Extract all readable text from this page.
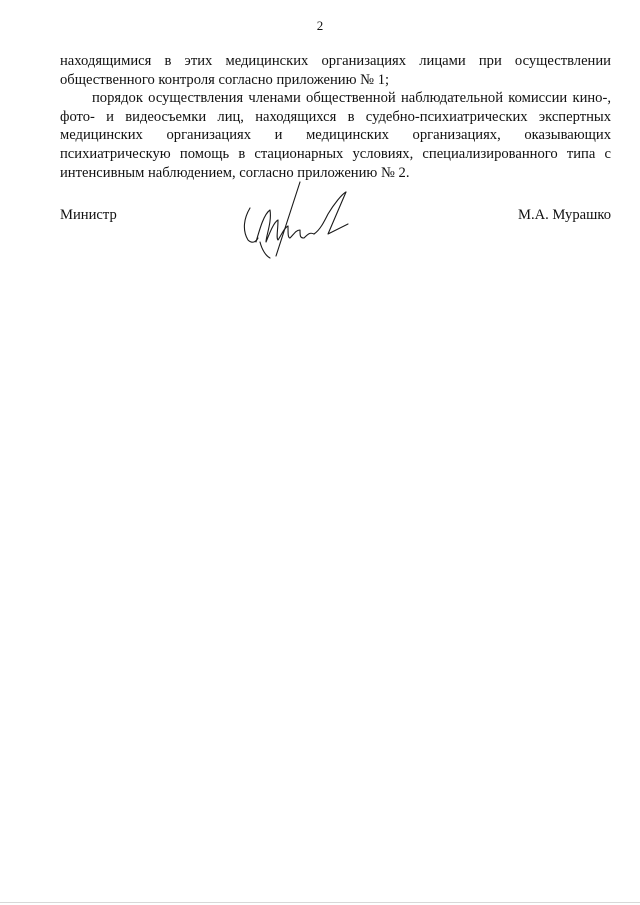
2

находящимися в этих медицинских организациях лицами при осуществлении общественного контроля согласно приложению № 1;

порядок осуществления членами общественной наблюдательной комиссии кино-, фото- и видеосъемки лиц, находящихся в судебно-психиатрических экспертных медицинских организациях и медицинских организациях, оказывающих психиатрическую помощь в стационарных условиях, специализированного типа с интенсивным наблюдением, согласно приложению № 2.

Министр	М.А. Мурашко
